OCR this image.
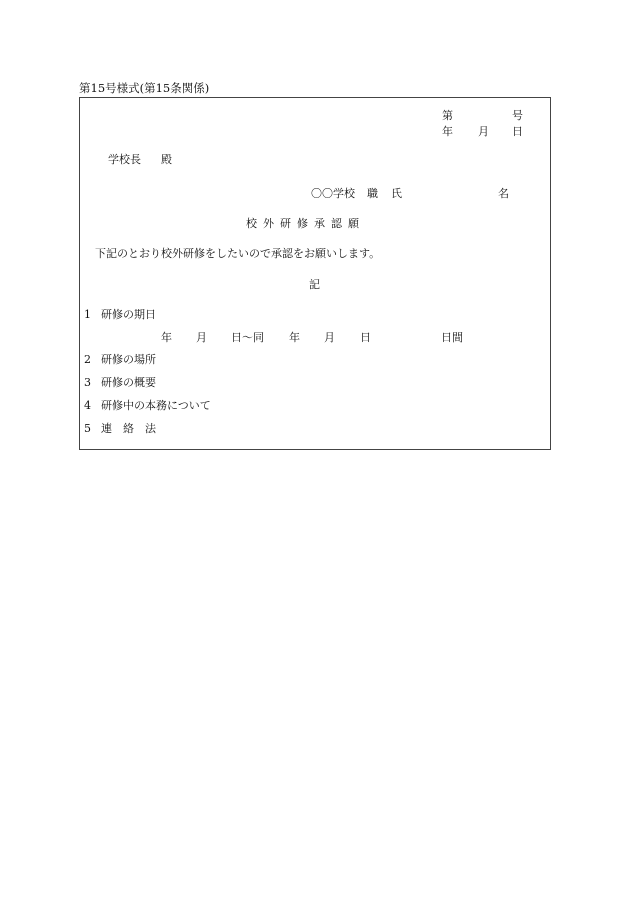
第15号様式(第15条関係)
第	号
年 月 日
学校長 殿
〇〇学校 職 氏	名
校外研修承認願
下記のとおり校外研修をしたいので承認をお願いします。
記
1 研修の期日
年 月 日〜同 年 月 日	日間
2 研修の場所
3 研修の概要
4 研修中の本務について
5 連　絡　法
